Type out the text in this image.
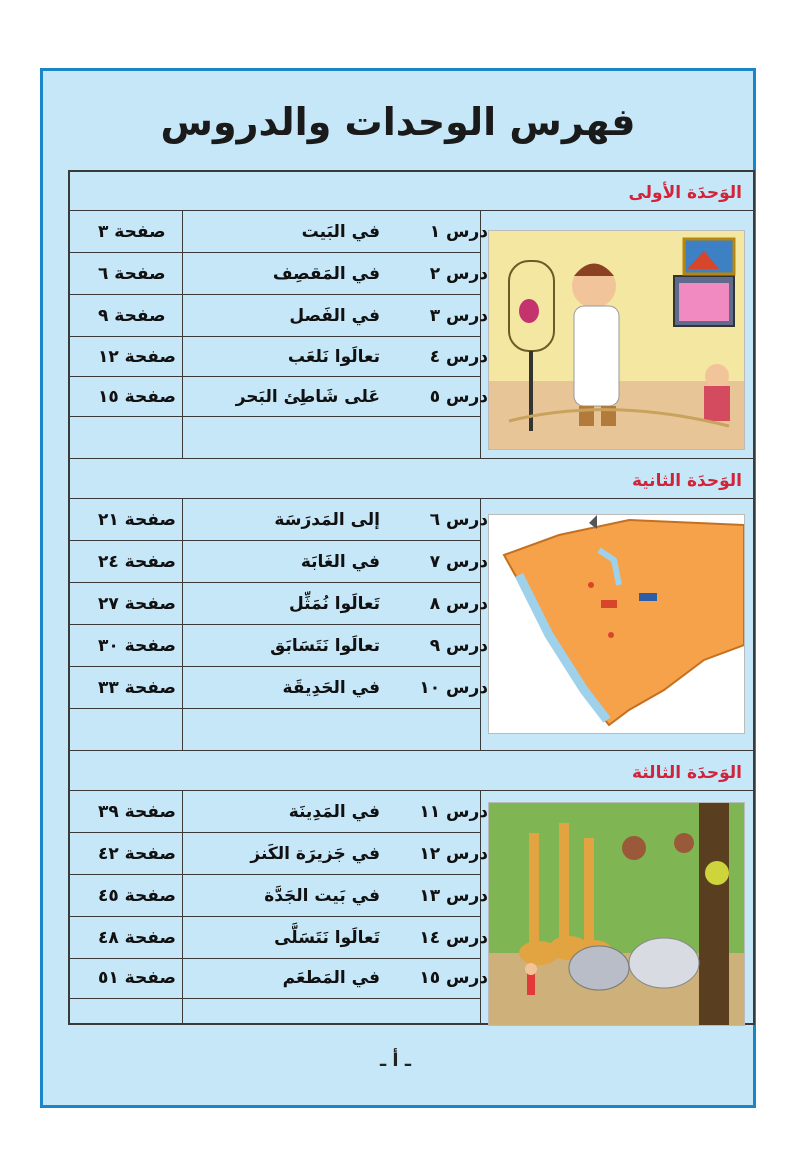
فهرس الوحدات والدروس
الوَحدَة الأولى
الوَحدَة الثانية
الوَحدَة الثالثة
درس ١
في البَيت
صفحة ٣
درس ٢
في المَقصِف
صفحة ٦
درس ٣
في الفَصل
صفحة ٩
درس ٤
تعالَوا نَلعَب
صفحة ١٢
درس ٥
عَلى شَاطِئ البَحر
صفحة ١٥
درس ٦
إلى المَدرَسَة
صفحة ٢١
درس ٧
في الغَابَة
صفحة ٢٤
درس ٨
تَعالَوا نُمَثِّل
صفحة ٢٧
درس ٩
تعالَوا نَتَسَابَق
صفحة ٣٠
درس ١٠
في الحَدِيقَة
صفحة ٣٣
درس ١١
في المَدِينَة
صفحة ٣٩
درس ١٢
في جَزيرَة الكَنز
صفحة ٤٢
درس ١٣
في بَيت الجَدَّة
صفحة ٤٥
درس ١٤
تَعالَوا نَتَسَلَّى
صفحة ٤٨
درس ١٥
في المَطعَم
صفحة ٥١
ـ أ ـ
